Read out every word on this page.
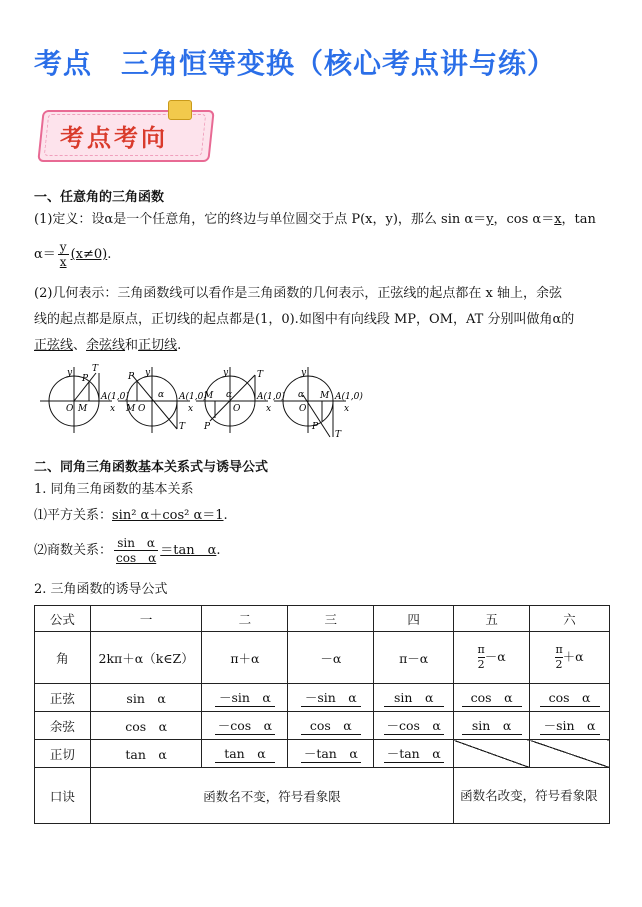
考点　三角恒等变换（核心考点讲与练）
考点考向
一、任意角的三角函数
(1)定义：设α是一个任意角，它的终边与单位圆交于点 P(x，y)，那么 sin α＝y，cos α＝x，tan
$\alpha= \frac{y}{x} (x\ne 0)$.
(2)几何表示：三角函数线可以看作是三角函数的几何表示，正弦线的起点都在 x 轴上，余弦
线的起点都是原点，正切线的起点都是(1，0).如图中有向线段 MP，OM，AT 分别叫做角α的
正弦线、余弦线和正切线.
y T
P
O M
A(1,0)
x
y
P
α
M O
A(1,0)
x
T
y	T
M α
O
A(1,0)
x
P
y
α
O
M A(1,0)
x
P
T
二、同角三角函数基本关系式与诱导公式
1. 同角三角函数的基本关系
⑴平方关系：sin² α＋cos² α＝1.
⑵商数关系： $\frac{\text{sin　α}}{\text{cos　α}} =\tan$　α.
2. 三角函数的诱导公式
公式	一	二	三	四	五	六
角	2kπ＋α（k∈Z）	π＋α	－α	π－α	$\frac{\pi}{2} -\alpha$	$\frac{\pi}{2} +\alpha$
正弦	sin　α	－sin　α	－sin　α	sin　α	cos　α	cos　α
余弦	cos　α	－cos　α	cos　α	－cos　α	sin　α	－sin　α
正切	tan　α	tan　α	－tan　α	－tan　α		
口诀	函数名不变，符号看象限				函数名改变，符号看象限	
